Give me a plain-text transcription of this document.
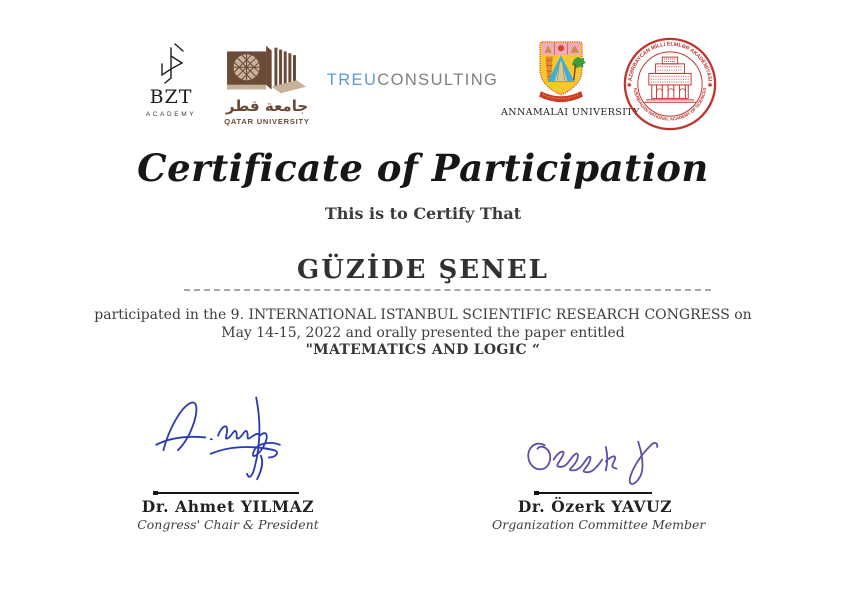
BZT
ACADEMY	جامعة قطر
QATAR UNIVERSITY
TREUCONSULTING
ANNAMALAI UNIVERSITY
AZƏRBAYCAN MİLLİ ELMLƏR AKADEMİYASI
AZERBAIJAN NATIONAL ACADEMY OF SCIENCES
✱	✱
Certificate of Participation
This is to Certify That
GÜZİDE ŞENEL
participated in the 9. INTERNATIONAL ISTANBUL SCIENTIFIC RESEARCH CONGRESS on
May 14-15, 2022 and orally presented the paper entitled
"MATEMATICS AND LOGIC “
Dr. Ahmet YILMAZ
Congress' Chair & President
Dr. Özerk YAVUZ
Organization Committee Member
